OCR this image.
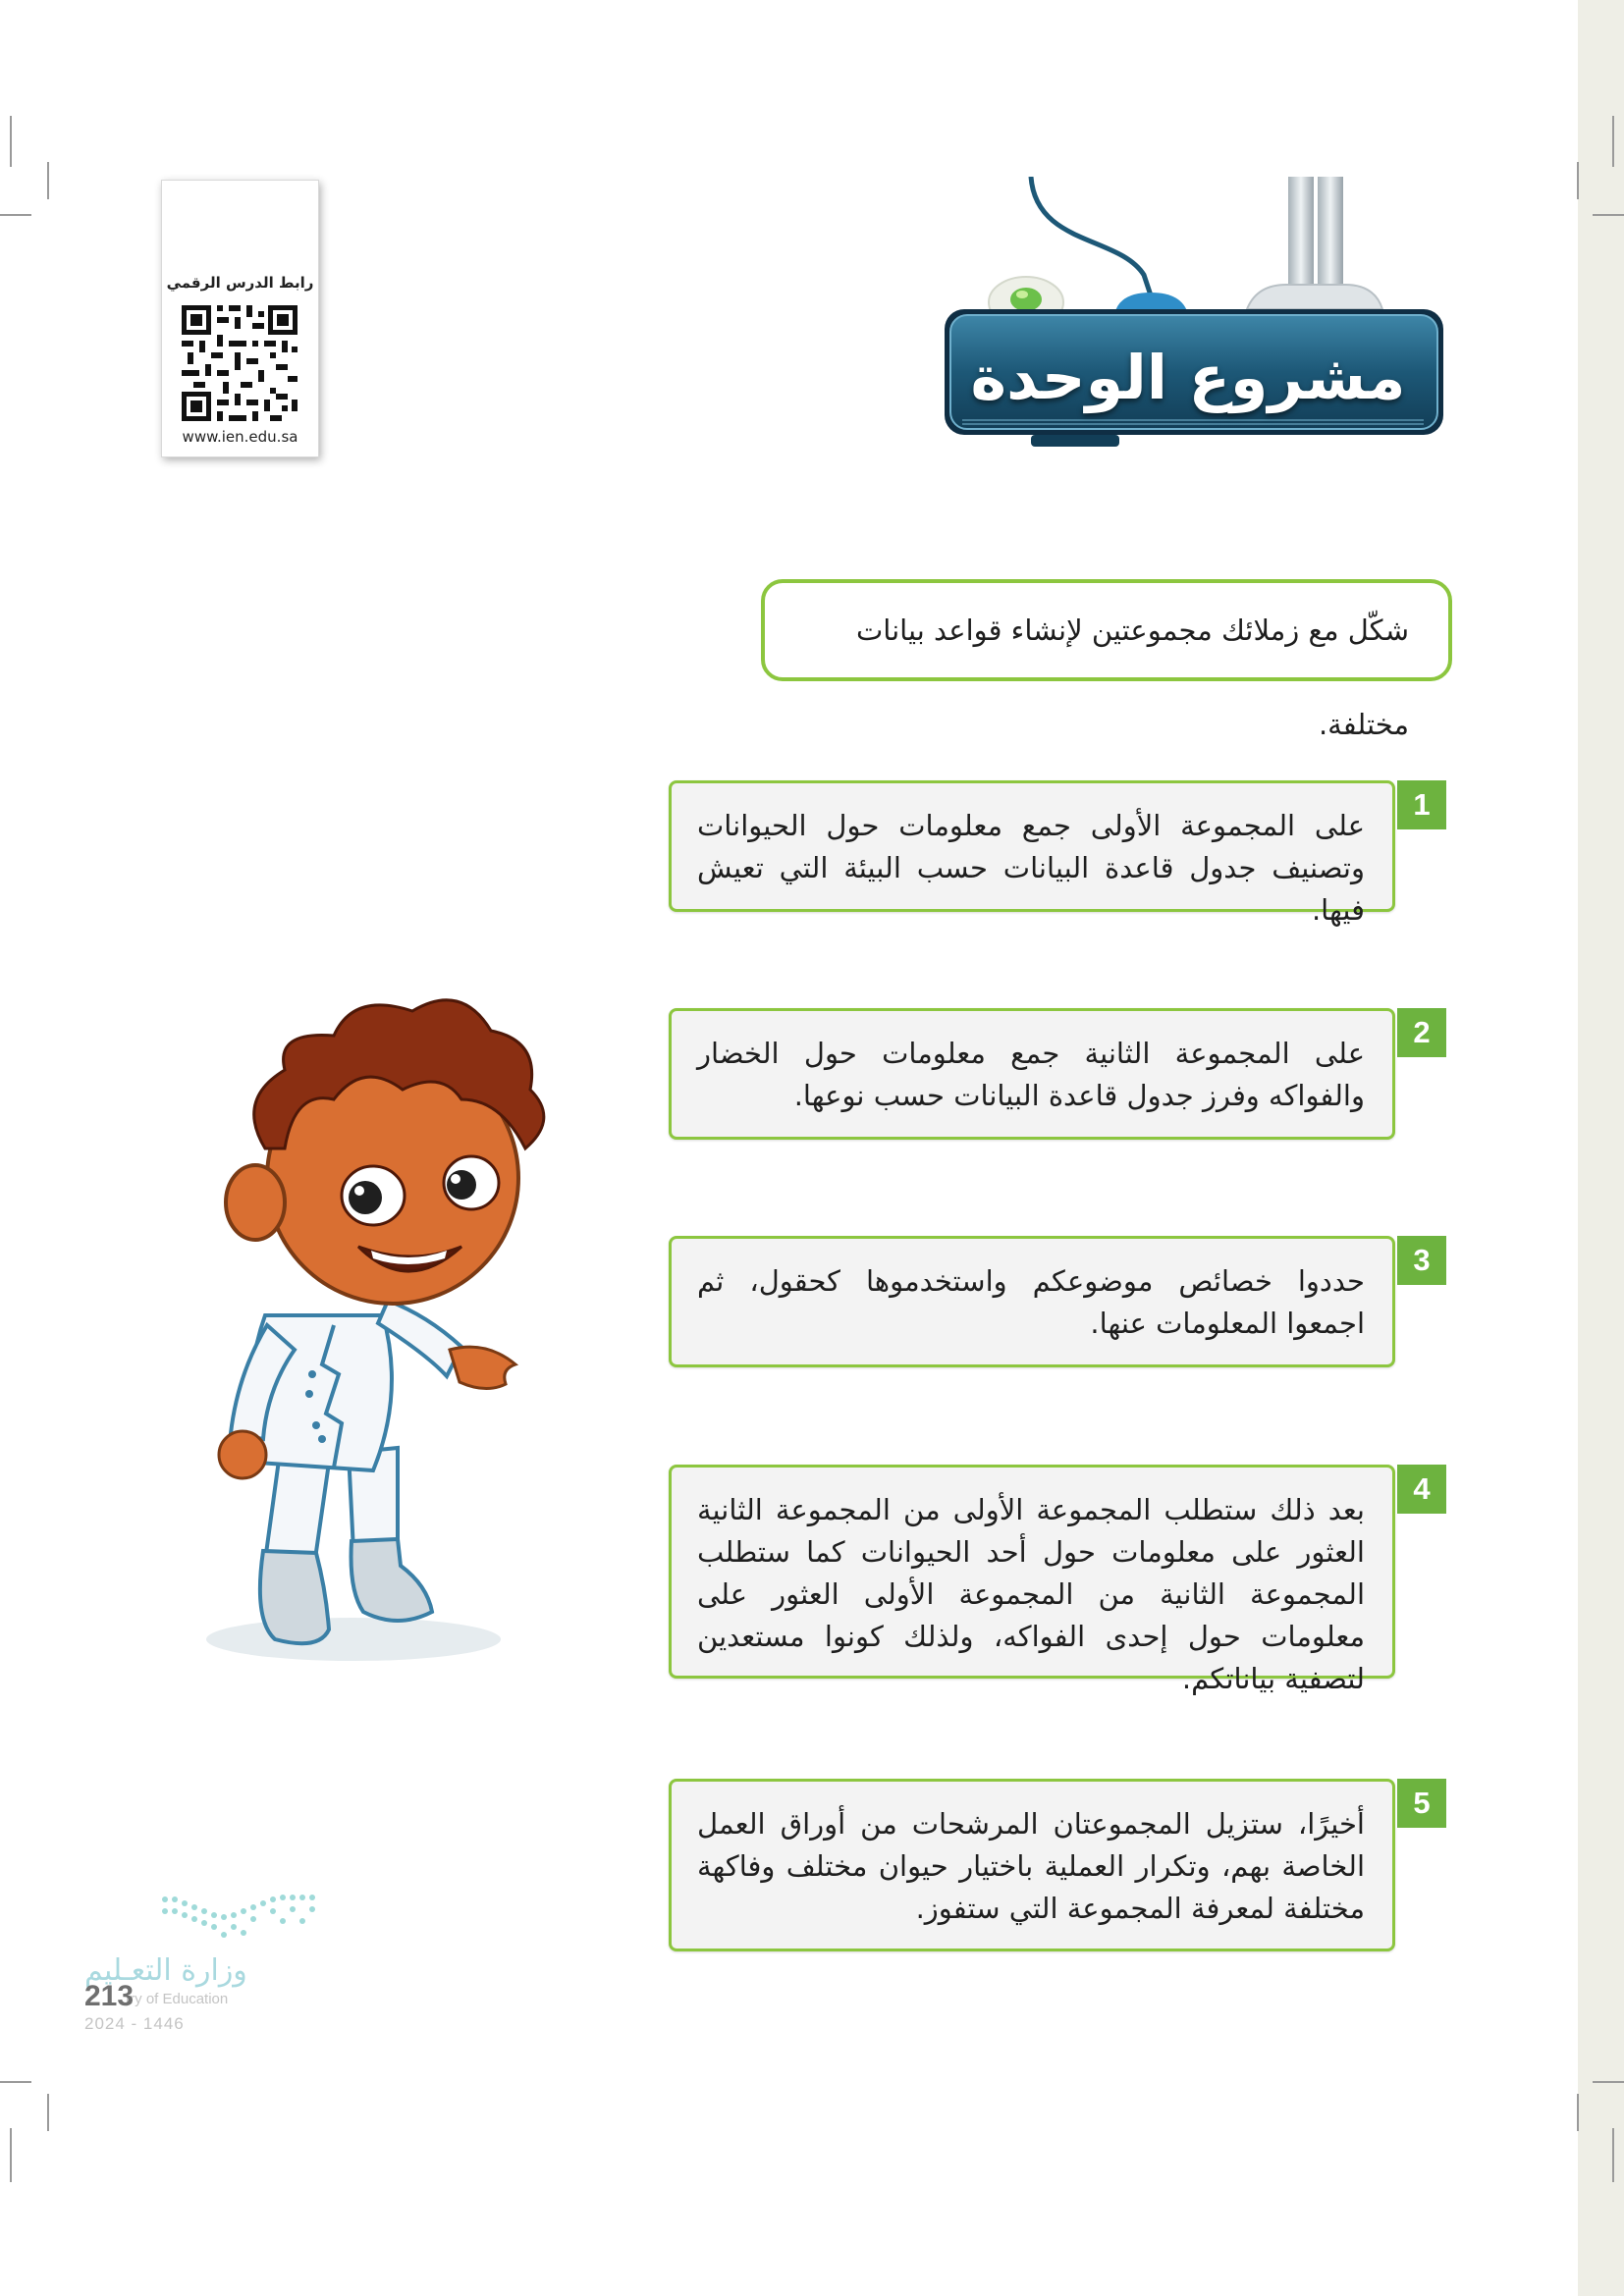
رابط الدرس الرقمي
www.ien.edu.sa
مشروع الوحدة
شكّل مع زملائك مجموعتين لإنشاء قواعد بيانات مختلفة.
على المجموعة الأولى جمع معلومات حول الحيوانات وتصنيف جدول قاعدة البيانات حسب البيئة التي تعيش فيها.
1
على المجموعة الثانية جمع معلومات حول الخضار والفواكه وفرز جدول قاعدة البيانات حسب نوعها.
2
حددوا خصائص موضوعكم واستخدموها كحقول، ثم اجمعوا المعلومات عنها.
3
بعد ذلك ستطلب المجموعة الأولى من المجموعة الثانية العثور على معلومات حول أحد الحيوانات كما ستطلب المجموعة الثانية من المجموعة الأولى العثور على معلومات حول إحدى الفواكه، ولذلك كونوا مستعدين لتصفية بياناتكم.
4
أخيرًا، ستزيل المجموعتان المرشحات من أوراق العمل الخاصة بهم، وتكرار العملية باختيار حيوان مختلف وفاكهة مختلفة لمعرفة المجموعة التي ستفوز.
5
وزارة التعـليم
try of Education
213
2024 - 1446
